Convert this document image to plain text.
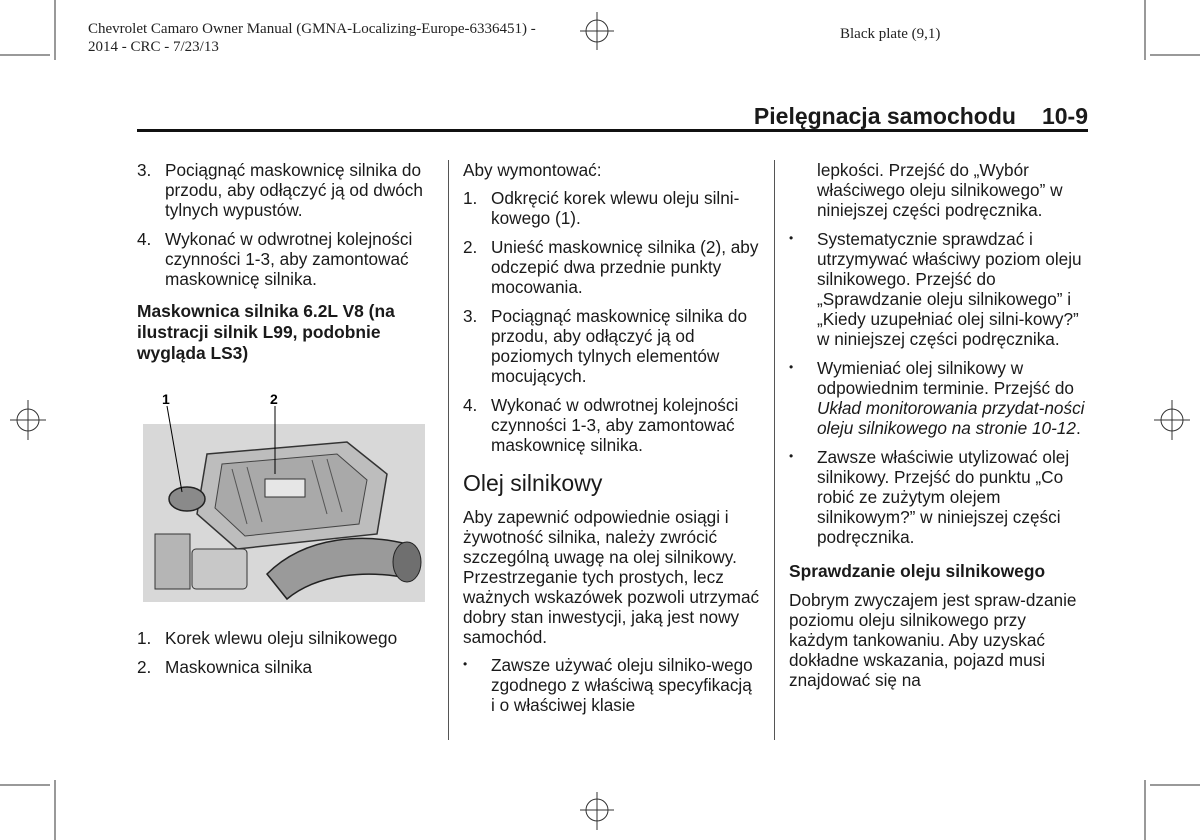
Chevrolet Camaro Owner Manual (GMNA-Localizing-Europe-6336451) -
2014 - CRC - 7/23/13
Black plate (9,1)
Pielęgnacja samochodu 10-9
3. Pociągnąć maskownicę silnika do przodu, aby odłączyć ją od dwóch tylnych wypustów.
4. Wykonać w odwrotnej kolejności czynności 1-3, aby zamontować maskownicę silnika.
Maskownica silnika 6.2L V8 (na ilustracji silnik L99, podobnie wygląda LS3)
1	2
1. Korek wlewu oleju silnikowego
2. Maskownica silnika
Aby wymontować:
1. Odkręcić korek wlewu oleju silni-kowego (1).
2. Unieść maskownicę silnika (2), aby odczepić dwa przednie punkty mocowania.
3. Pociągnąć maskownicę silnika do przodu, aby odłączyć ją od poziomych tylnych elementów mocujących.
4. Wykonać w odwrotnej kolejności czynności 1-3, aby zamontować maskownicę silnika.
Olej silnikowy
Aby zapewnić odpowiednie osiągi i żywotność silnika, należy zwrócić szczególną uwagę na olej silnikowy. Przestrzeganie tych prostych, lecz ważnych wskazówek pozwoli utrzymać dobry stan inwestycji, jaką jest nowy samochód.
•	Zawsze używać oleju silniko-wego zgodnego z właściwą specyfikacją i o właściwej klasie
lepkości. Przejść do „Wybór właściwego oleju silnikowego” w niniejszej części podręcznika.
•	Systematycznie sprawdzać i utrzymywać właściwy poziom oleju silnikowego. Przejść do „Sprawdzanie oleju silnikowego” i „Kiedy uzupełniać olej silni-kowy?” w niniejszej części podręcznika.
•	Wymieniać olej silnikowy w odpowiednim terminie. Przejść do Układ monitorowania przydat-ności oleju silnikowego na stronie 10-12.
•	Zawsze właściwie utylizować olej silnikowy. Przejść do punktu „Co robić ze zużytym olejem silnikowym?” w niniejszej części podręcznika.
Sprawdzanie oleju silnikowego
Dobrym zwyczajem jest spraw-dzanie poziomu oleju silnikowego przy każdym tankowaniu. Aby uzyskać dokładne wskazania, pojazd musi znajdować się na
